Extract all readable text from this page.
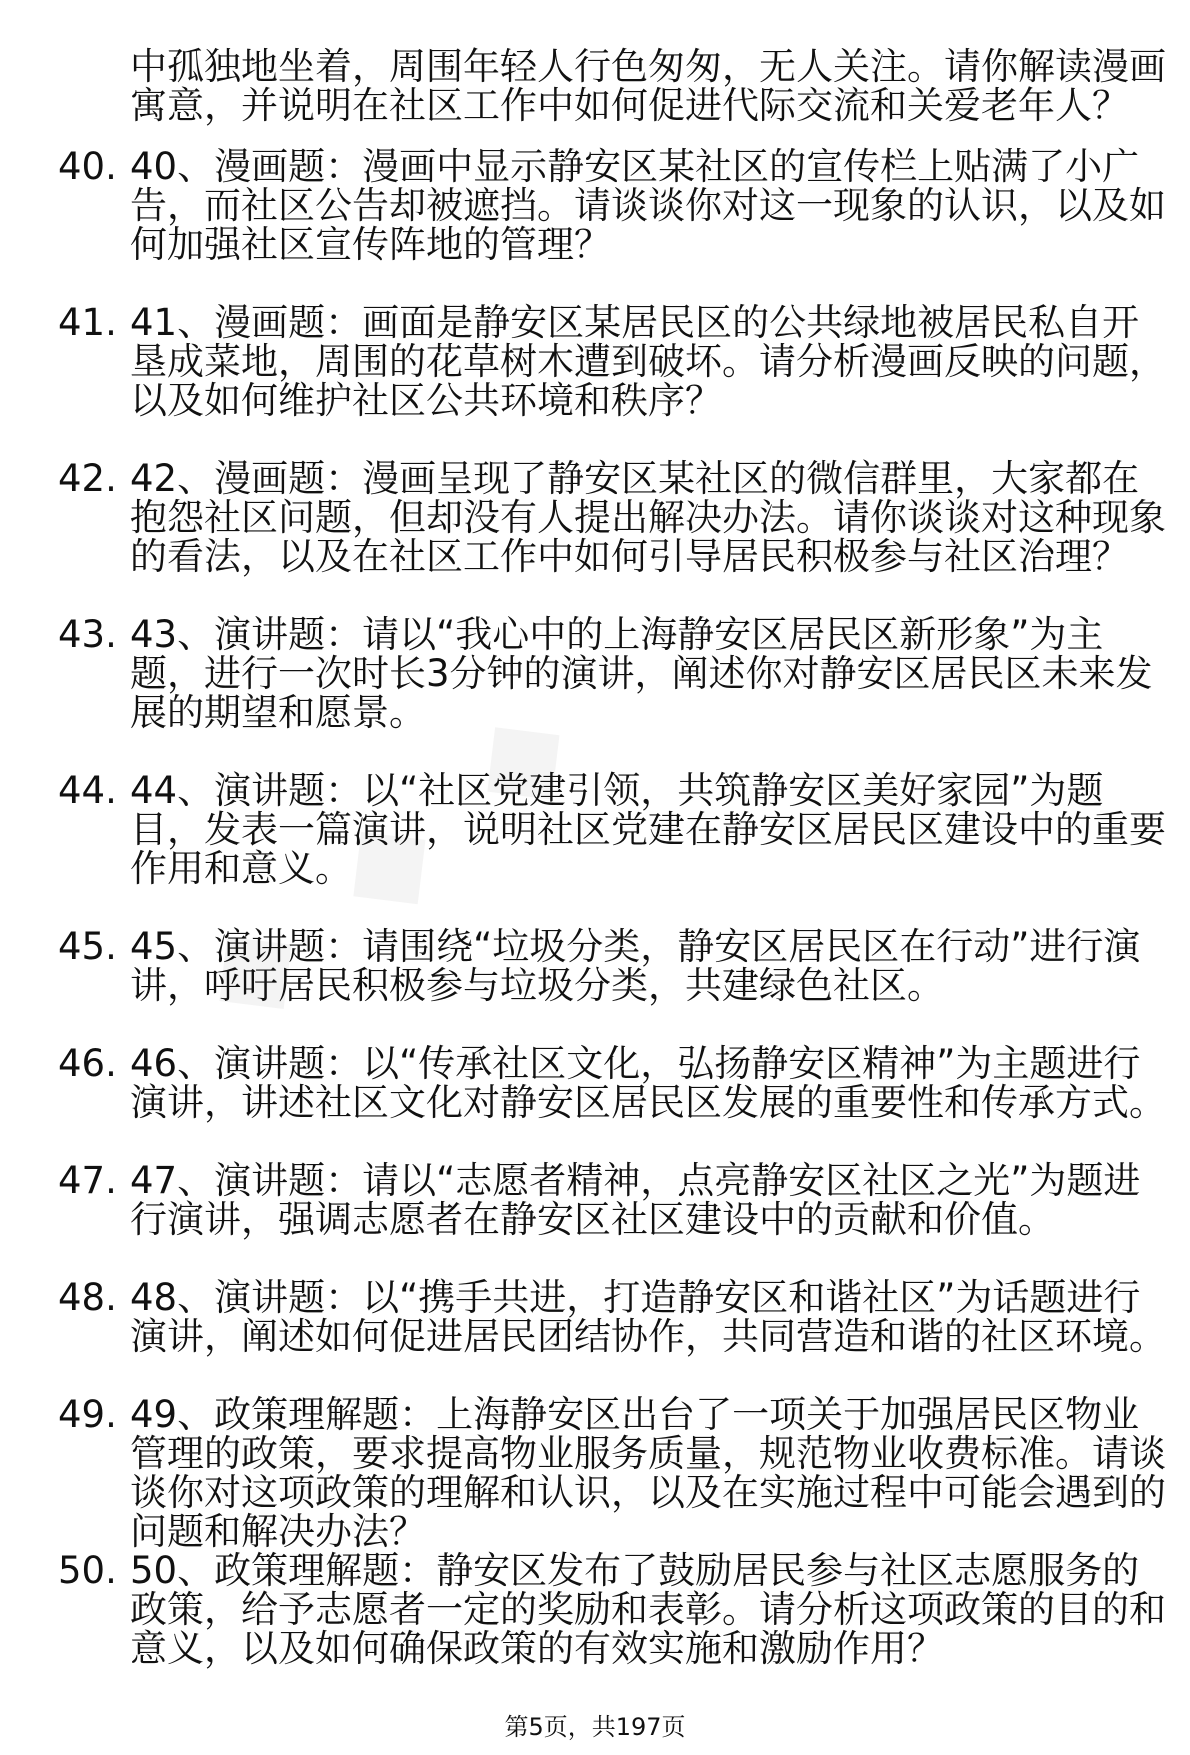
中孤独地坐着，周围年轻人行色匆匆，无人关注。请你解读漫画寓意，并说明在社区工作中如何促进代际交流和关爱老年人？

40. 40、漫画题：漫画中显示静安区某社区的宣传栏上贴满了小广告，而社区公告却被遮挡。请谈谈你对这一现象的认识，以及如何加强社区宣传阵地的管理？
41. 41、漫画题：画面是静安区某居民区的公共绿地被居民私自开垦成菜地，周围的花草树木遭到破坏。请分析漫画反映的问题，以及如何维护社区公共环境和秩序？
42. 42、漫画题：漫画呈现了静安区某社区的微信群里，大家都在抱怨社区问题，但却没有人提出解决办法。请你谈谈对这种现象的看法，以及在社区工作中如何引导居民积极参与社区治理？
43. 43、演讲题：请以“我心中的上海静安区居民区新形象”为主题，进行一次时长3分钟的演讲，阐述你对静安区居民区未来发展的期望和愿景。
44. 44、演讲题：以“社区党建引领，共筑静安区美好家园”为题目，发表一篇演讲，说明社区党建在静安区居民区建设中的重要作用和意义。
45. 45、演讲题：请围绕“垃圾分类，静安区居民区在行动”进行演讲，呼吁居民积极参与垃圾分类，共建绿色社区。
46. 46、演讲题：以“传承社区文化，弘扬静安区精神”为主题进行演讲，讲述社区文化对静安区居民区发展的重要性和传承方式。
47. 47、演讲题：请以“志愿者精神，点亮静安区社区之光”为题进行演讲，强调志愿者在静安区社区建设中的贡献和价值。
48. 48、演讲题：以“携手共进，打造静安区和谐社区”为话题进行演讲，阐述如何促进居民团结协作，共同营造和谐的社区环境。
49. 49、政策理解题：上海静安区出台了一项关于加强居民区物业管理的政策，要求提高物业服务质量，规范物业收费标准。请谈谈你对这项政策的理解和认识，以及在实施过程中可能会遇到的问题和解决办法？
50. 50、政策理解题：静安区发布了鼓励居民参与社区志愿服务的政策，给予志愿者一定的奖励和表彰。请分析这项政策的目的和意义，以及如何确保政策的有效实施和激励作用？
第5页，共197页
